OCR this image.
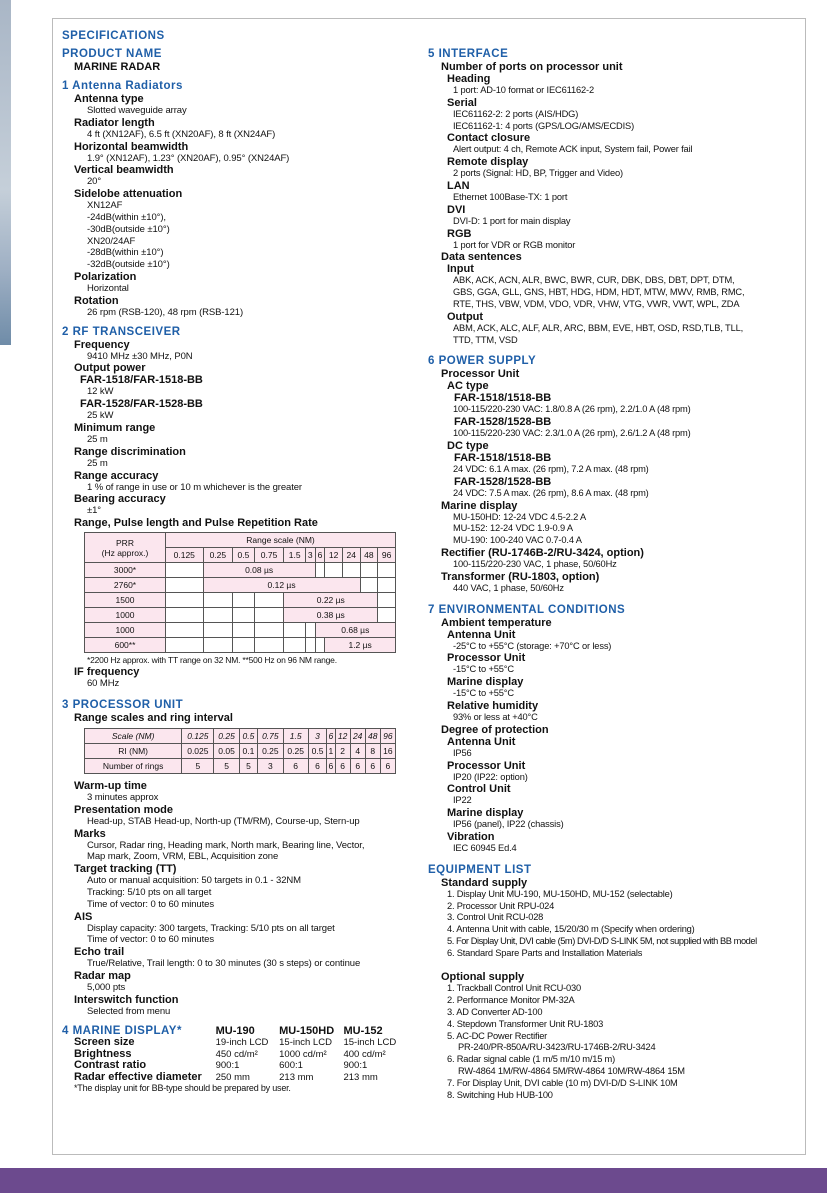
SPECIFICATIONS
PRODUCT NAME
MARINE RADAR
1 Antenna Radiators
Antenna type
Slotted waveguide array
Radiator length
4 ft (XN12AF), 6.5 ft (XN20AF), 8 ft (XN24AF)
Horizontal beamwidth
1.9° (XN12AF), 1.23° (XN20AF), 0.95° (XN24AF)
Vertical beamwidth
20°
Sidelobe attenuation
XN12AF
-24dB(within ±10°),
-30dB(outside ±10°)
XN20/24AF
-28dB(within ±10°)
-32dB(outside ±10°)
Polarization
Horizontal
Rotation
26 rpm (RSB-120), 48 rpm (RSB-121)
2 RF TRANSCEIVER
Frequency
9410 MHz ±30 MHz, P0N
Output power
FAR-1518/FAR-1518-BB
12 kW
FAR-1528/FAR-1528-BB
25 kW
Minimum range
25 m
Range discrimination
25 m
Range accuracy
1 % of range in use or 10 m whichever is the greater
Bearing accuracy
±1°
Range, Pulse length and Pulse Repetition Rate
PRR
(Hz approx.)	Range scale (NM)										
	0.125	0.25	0.5	0.75	1.5	3	6	12	24	48	96
3000*		0.08 µs									
2760*		0.12 µs									
1500					0.22 µs						
1000					0.38 µs						
1000							0.68 µs				
600**								1.2 µs			
*2200 Hz approx. with TT range on 32 NM. **500 Hz on 96 NM range.
IF frequency
60 MHz
3 PROCESSOR UNIT
Range scales and ring interval
Scale (NM)	0.125	0.25	0.5	0.75	1.5	3	6	12	24	48	96
RI (NM)	0.025	0.05	0.1	0.25	0.25	0.5	1	2	4	8	16
Number of rings	5	5	5	3	6	6	6	6	6	6	6
Warm-up time
3 minutes approx
Presentation mode
Head-up, STAB Head-up, North-up (TM/RM), Course-up, Stern-up
Marks
Cursor, Radar ring, Heading mark, North mark, Bearing line, Vector,
Map mark, Zoom, VRM, EBL, Acquisition zone
Target tracking (TT)
Auto or manual acquisition: 50 targets in 0.1 - 32NM
Tracking: 5/10 pts on all target
Time of vector: 0 to 60 minutes
AIS
Display capacity: 300 targets, Tracking: 5/10 pts on all target
Time of vector: 0 to 60 minutes
Echo trail
True/Relative, Trail length: 0 to 30 minutes (30 s steps) or continue
Radar map
5,000 pts
Interswitch function
Selected from menu
4 MARINE DISPLAY*	MU-190	MU-150HD	MU-152
Screen size	19-inch LCD	15-inch LCD	15-inch LCD
Brightness	450 cd/m²	1000 cd/m²	400 cd/m²
Contrast ratio	900:1	600:1	900:1
Radar effective diameter	250 mm	213 mm	213 mm
*The display unit for BB-type should be prepared by user.
5 INTERFACE
Number of ports on processor unit
Heading
1 port: AD-10 format or IEC61162-2
Serial
IEC61162-2: 2 ports (AIS/HDG)
IEC61162-1: 4 ports (GPS/LOG/AMS/ECDIS)
Contact closure
Alert output: 4 ch, Remote ACK input, System fail, Power fail
Remote display
2 ports (Signal: HD, BP, Trigger and Video)
LAN
Ethernet 100Base-TX: 1 port
DVI
DVI-D: 1 port for main display
RGB
1 port for VDR or RGB monitor
Data sentences
Input
ABK, ACK, ACN, ALR, BWC, BWR, CUR, DBK, DBS, DBT, DPT, DTM,
GBS, GGA, GLL, GNS, HBT, HDG, HDM, HDT, MTW, MWV, RMB, RMC,
RTE, THS, VBW, VDM, VDO, VDR, VHW, VTG, VWR, VWT, WPL, ZDA
Output
ABM, ACK, ALC, ALF, ALR, ARC, BBM, EVE, HBT, OSD, RSD,TLB, TLL,
TTD, TTM, VSD
6 POWER SUPPLY
Processor Unit
AC type
FAR-1518/1518-BB
100-115/220-230 VAC: 1.8/0.8 A (26 rpm), 2.2/1.0 A (48 rpm)
FAR-1528/1528-BB
100-115/220-230 VAC: 2.3/1.0 A (26 rpm), 2.6/1.2 A (48 rpm)
DC type
FAR-1518/1518-BB
24 VDC: 6.1 A max. (26 rpm), 7.2 A max. (48 rpm)
FAR-1528/1528-BB
24 VDC: 7.5 A max. (26 rpm), 8.6 A max. (48 rpm)
Marine display
MU-150HD: 12-24 VDC 4.5-2.2 A
MU-152: 12-24 VDC 1.9-0.9 A
MU-190: 100-240 VAC 0.7-0.4 A
Rectifier (RU-1746B-2/RU-3424, option)
100-115/220-230 VAC, 1 phase, 50/60Hz
Transformer (RU-1803, option)
440 VAC, 1 phase, 50/60Hz
7 ENVIRONMENTAL CONDITIONS
Ambient temperature
Antenna Unit
-25°C to +55°C (storage: +70°C or less)
Processor Unit
-15°C to +55°C
Marine display
-15°C to +55°C
Relative humidity
93% or less at +40°C
Degree of protection
Antenna Unit
IP56
Processor Unit
IP20 (IP22: option)
Control Unit
IP22
Marine display
IP56 (panel), IP22 (chassis)
Vibration
IEC 60945 Ed.4
EQUIPMENT LIST
Standard supply
1. Display Unit MU-190, MU-150HD, MU-152 (selectable)
2. Processor Unit RPU-024
3. Control Unit RCU-028
4. Antenna Unit with cable, 15/20/30 m (Specify when ordering)
5. For Display Unit, DVI cable (5m) DVI-D/D S-LINK 5M, not supplied with BB model
6. Standard Spare Parts and Installation Materials
Optional supply
1. Trackball Control Unit RCU-030
2. Performance Monitor PM-32A
3. AD Converter AD-100
4. Stepdown Transformer Unit RU-1803
5. AC-DC Power Rectifier
PR-240/PR-850A/RU-3423/RU-1746B-2/RU-3424
6. Radar signal cable (1 m/5 m/10 m/15 m)
RW-4864 1M/RW-4864 5M/RW-4864 10M/RW-4864 15M
7. For Display Unit, DVI cable (10 m) DVI-D/D S-LINK 10M
8. Switching Hub HUB-100
